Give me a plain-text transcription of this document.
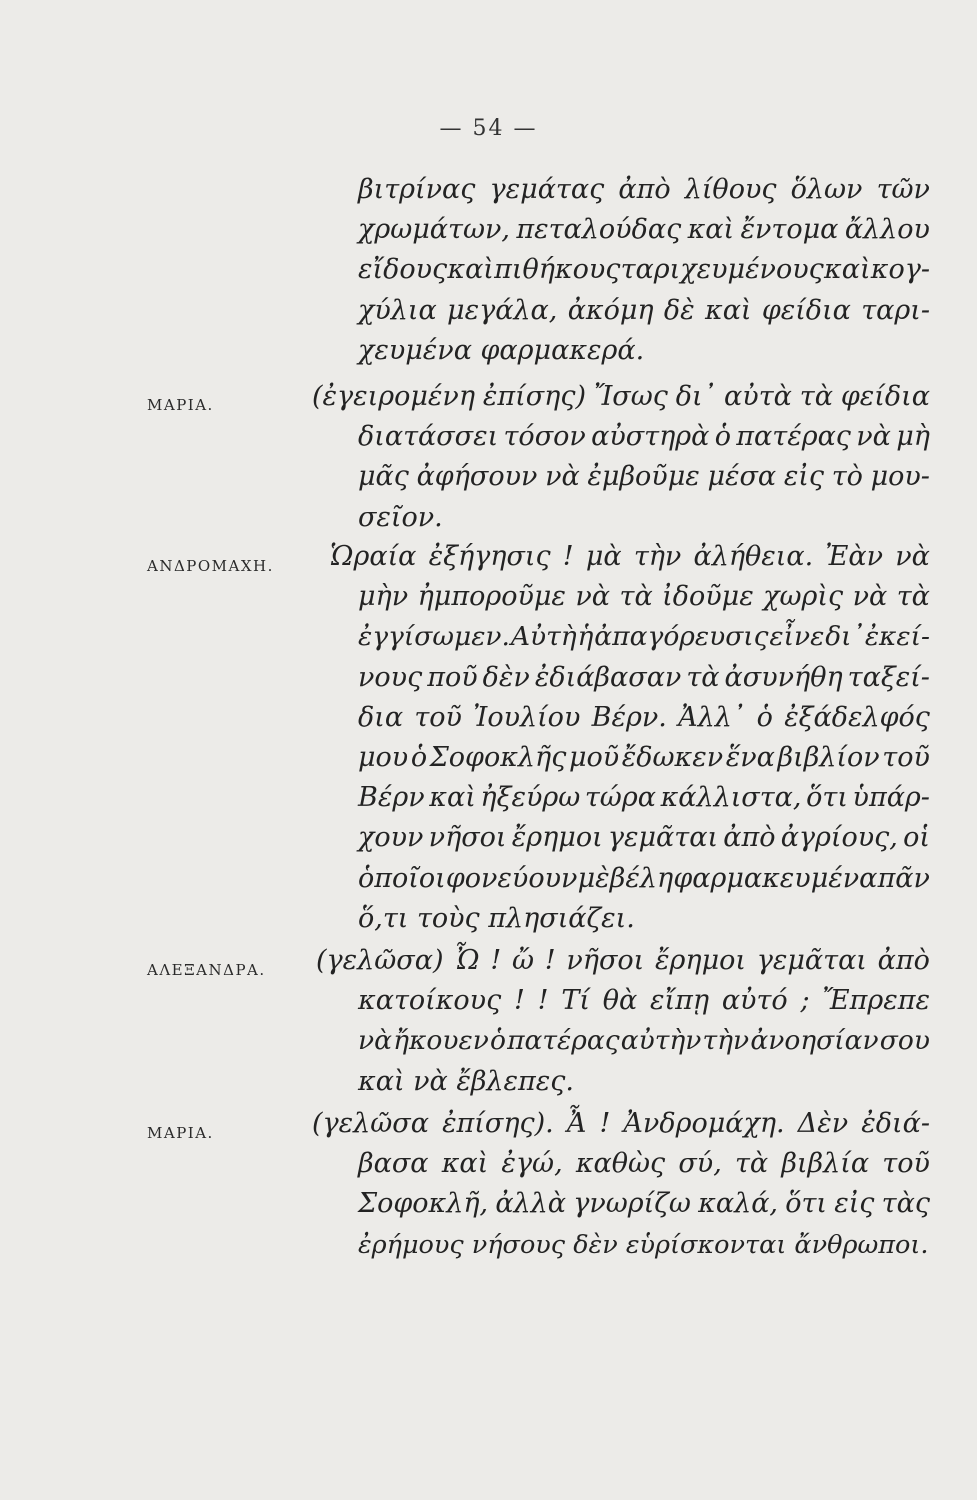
— 54 —
βιτρίνας γεμάτας ἀπὸ λίθους ὅλων τῶν
χρωμάτων, πεταλούδας καὶ ἔντομα ἄλλου
εἴδους καὶ πιθήκους ταριχευμένους καὶ κογ-
χύλια μεγάλα, ἀκόμη δὲ καὶ φείδια ταρι-
χευμένα φαρμακερά.
ΜΑΡΙΑ.	(ἐγειρομένη ἐπίσης) Ἴσως δι᾽ αὐτὰ τὰ φείδια
διατάσσει τόσον αὐστηρὰ ὁ πατέρας νὰ μὴ
μᾶς ἀφήσουν νὰ ἐμβοῦμε μέσα εἰς τὸ μου-
σεῖον.
ΑΝΔΡΟΜΑΧΗ. Ὡραία ἐξήγησις ! μὰ τὴν ἀλήθεια. Ἐὰν νὰ
μὴν ἠμποροῦμε νὰ τὰ ἰδοῦμε χωρὶς νὰ τὰ
ἐγγίσωμεν. Αὐτὴ ἡ ἀπαγόρευσις εἶνε δι᾽ἐκεί-
νους ποῦ δὲν ἐδιάβασαν τὰ ἀσυνήθη ταξεί-
δια τοῦ Ἰουλίου Βέρν. Ἀλλ᾽ ὁ ἐξάδελφός
μου ὁ Σοφοκλῆς μοῦ ἔδωκεν ἕνα βιβλίον τοῦ
Βέρν καὶ ἠξεύρω τώρα κάλλιστα, ὅτι ὑπάρ-
χουν νῆσοι ἔρημοι γεμᾶται ἀπὸ ἀγρίους, οἱ
ὁποῖοι φονεύουν μὲ βέλη φαρμακευμένα πᾶν
ὅ,τι τοὺς πλησιάζει.
ΑΛΕΞΑΝΔΡΑ. (γελῶσα) Ὦ ! ὤ ! νῆσοι ἔρημοι γεμᾶται ἀπὸ
κατοίκους ! ! Τί θὰ εἴπῃ αὐτό ; Ἔπρεπε
νὰ ἤκουεν ὁ πατέρας αὐτὴν τὴν ἀνοησίαν σου
καὶ νὰ ἔβλεπες.
ΜΑΡΙΑ.	(γελῶσα ἐπίσης). Ἆ ! Ἀνδρομάχη. Δὲν ἐδιά-
βασα καὶ ἐγώ, καθὼς σύ, τὰ βιβλία τοῦ
Σοφοκλῆ, ἀλλὰ γνωρίζω καλά, ὅτι εἰς τὰς
ἐρήμους νήσους δὲν εὑρίσκονται ἄνθρωποι.
